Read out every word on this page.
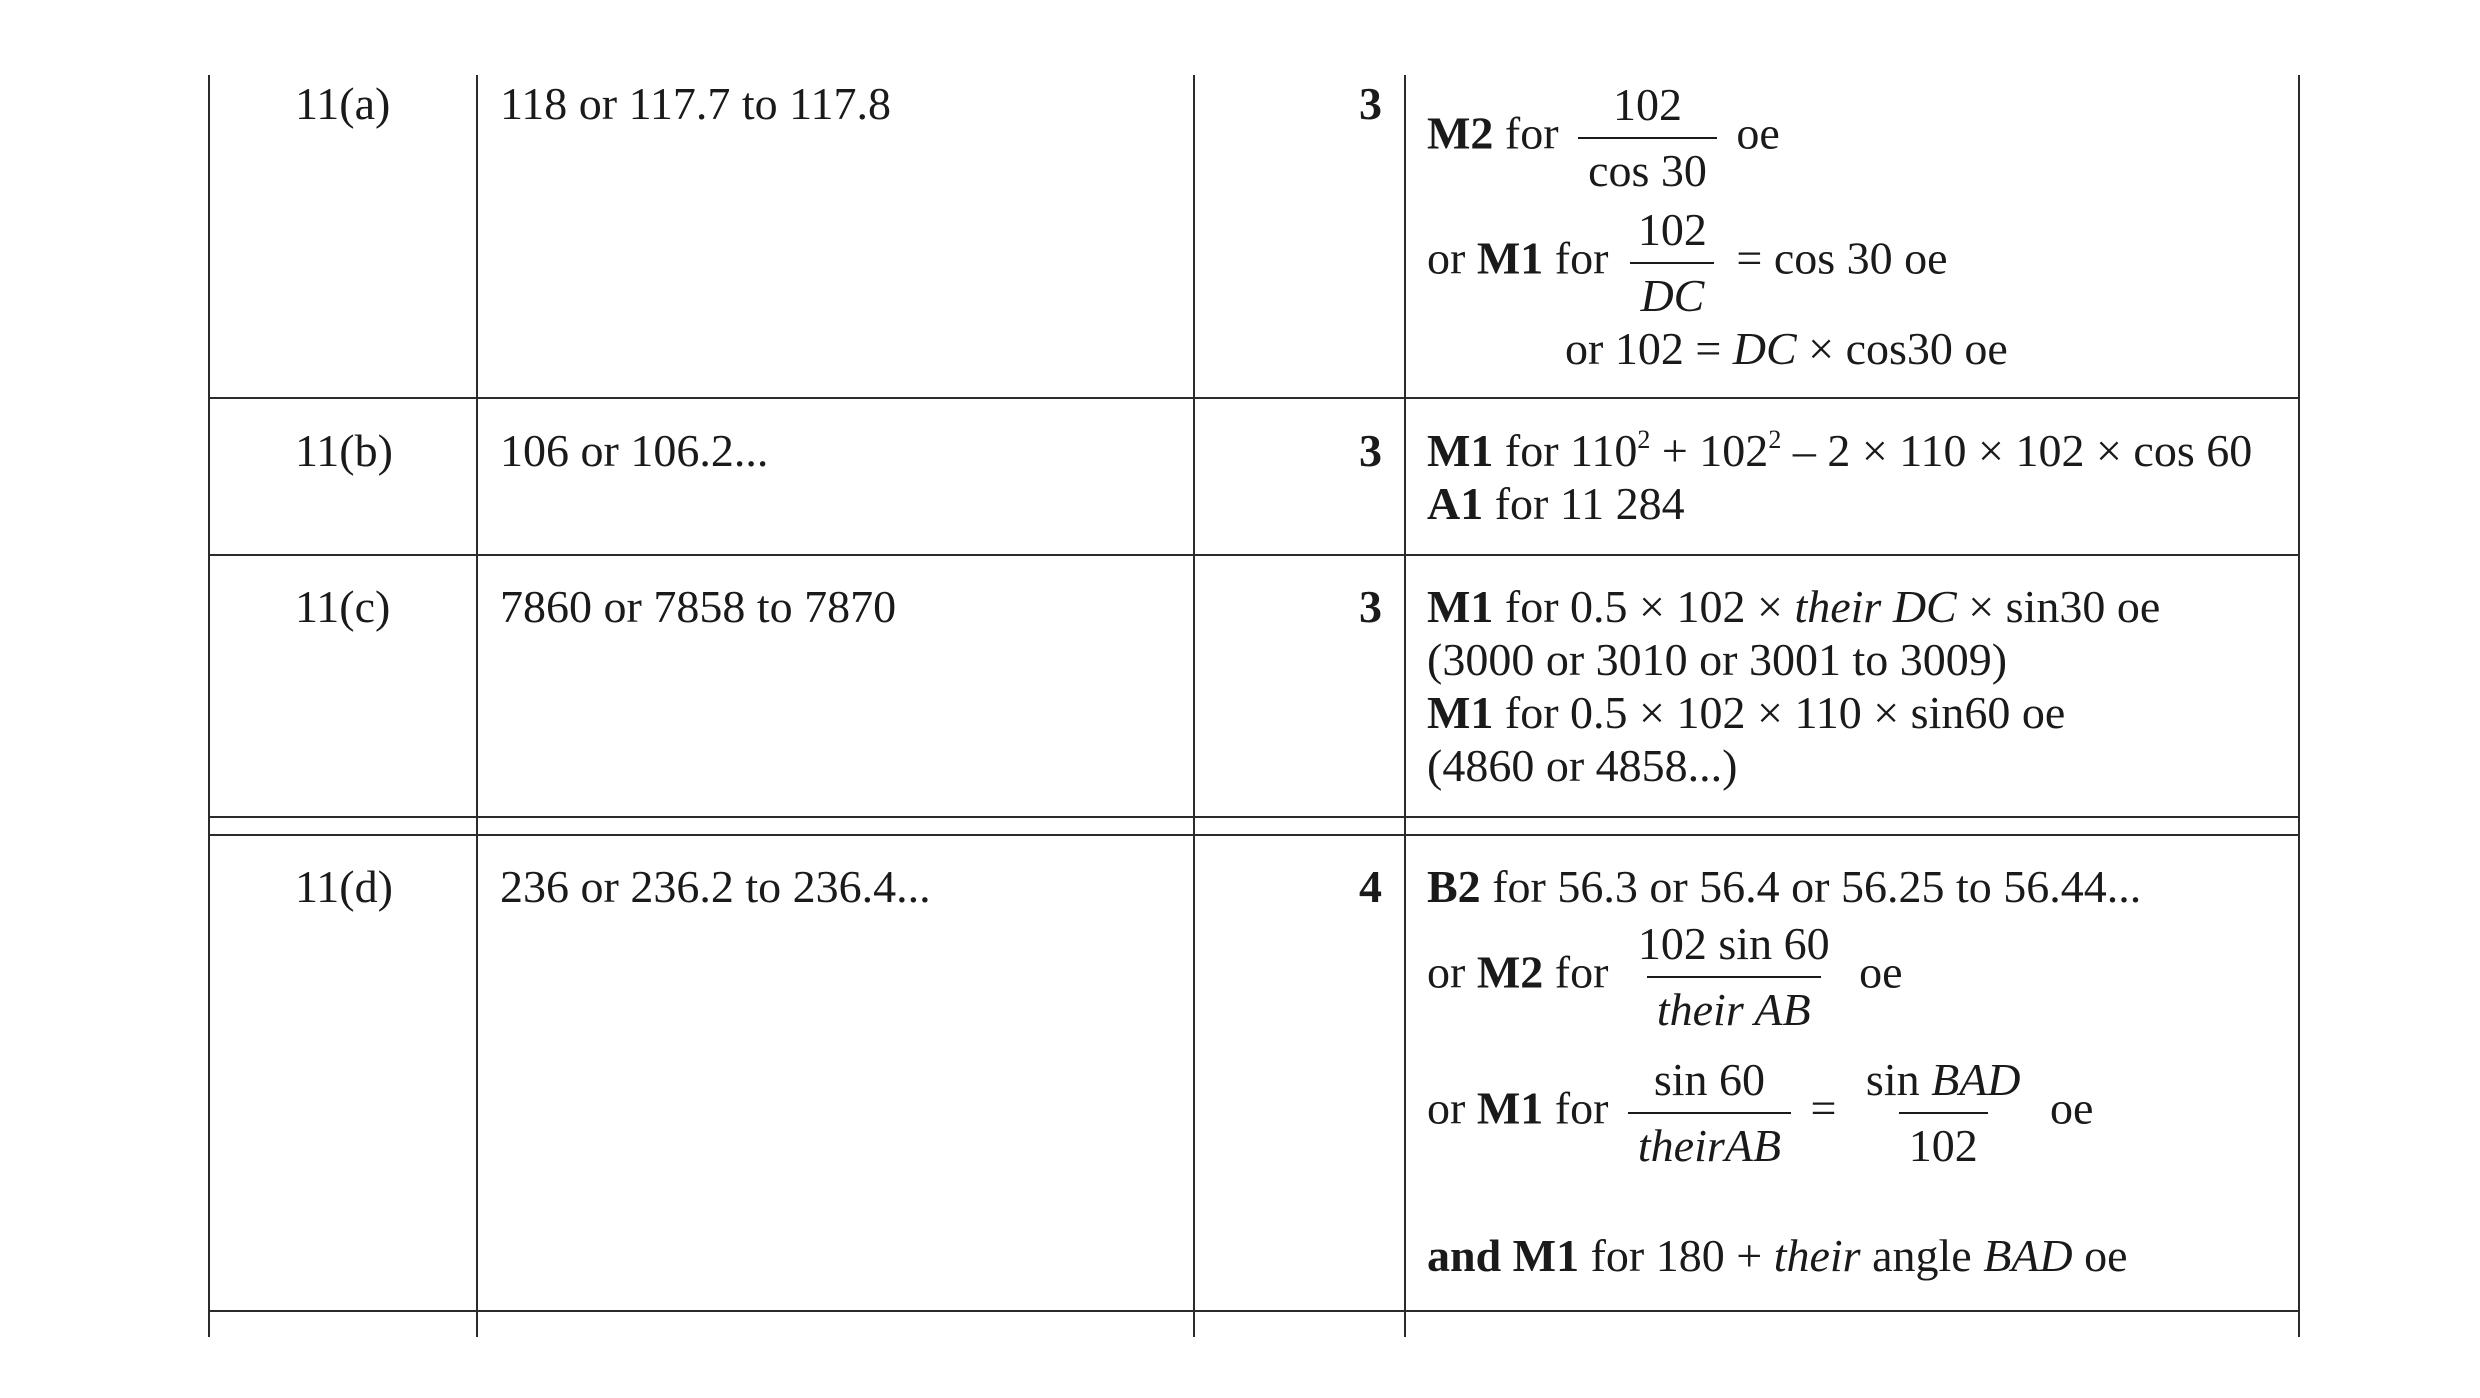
11(a) 118 or 117.7 to 117.8	3
M2 for $\frac{102}{\cos 30}$ oe
or M1 for $\frac{102}{DC} = \cos 30$ oe
or 102 = DC × cos30 oe
11(b) 106 or 106.2...	3 M1 for $110^2 + 102^2 - 2 \times 110 \times 102 \times \cos 60$
A1 for 11 284
11(c) 7860 or 7858 to 7870	3 M1 for 0.5 × 102 × their DC × sin30 oe
(3000 or 3010 or 3001 to 3009)
M1 for 0.5 × 102 × 110 × sin60 oe
(4860 or 4858...)
11(d) 236 or 236.2 to 236.4...	4 B2 for 56.3 or 56.4 or 56.25 to 56.44...
or M2 for $\frac{102 \sin 60}{\text{their AB}}$ oe
or M1 for $\frac{\sin 60}{\text{theirAB}} = \frac{\text{sin BAD}}{102}$ oe
and M1 for 180 + their angle BAD oe
